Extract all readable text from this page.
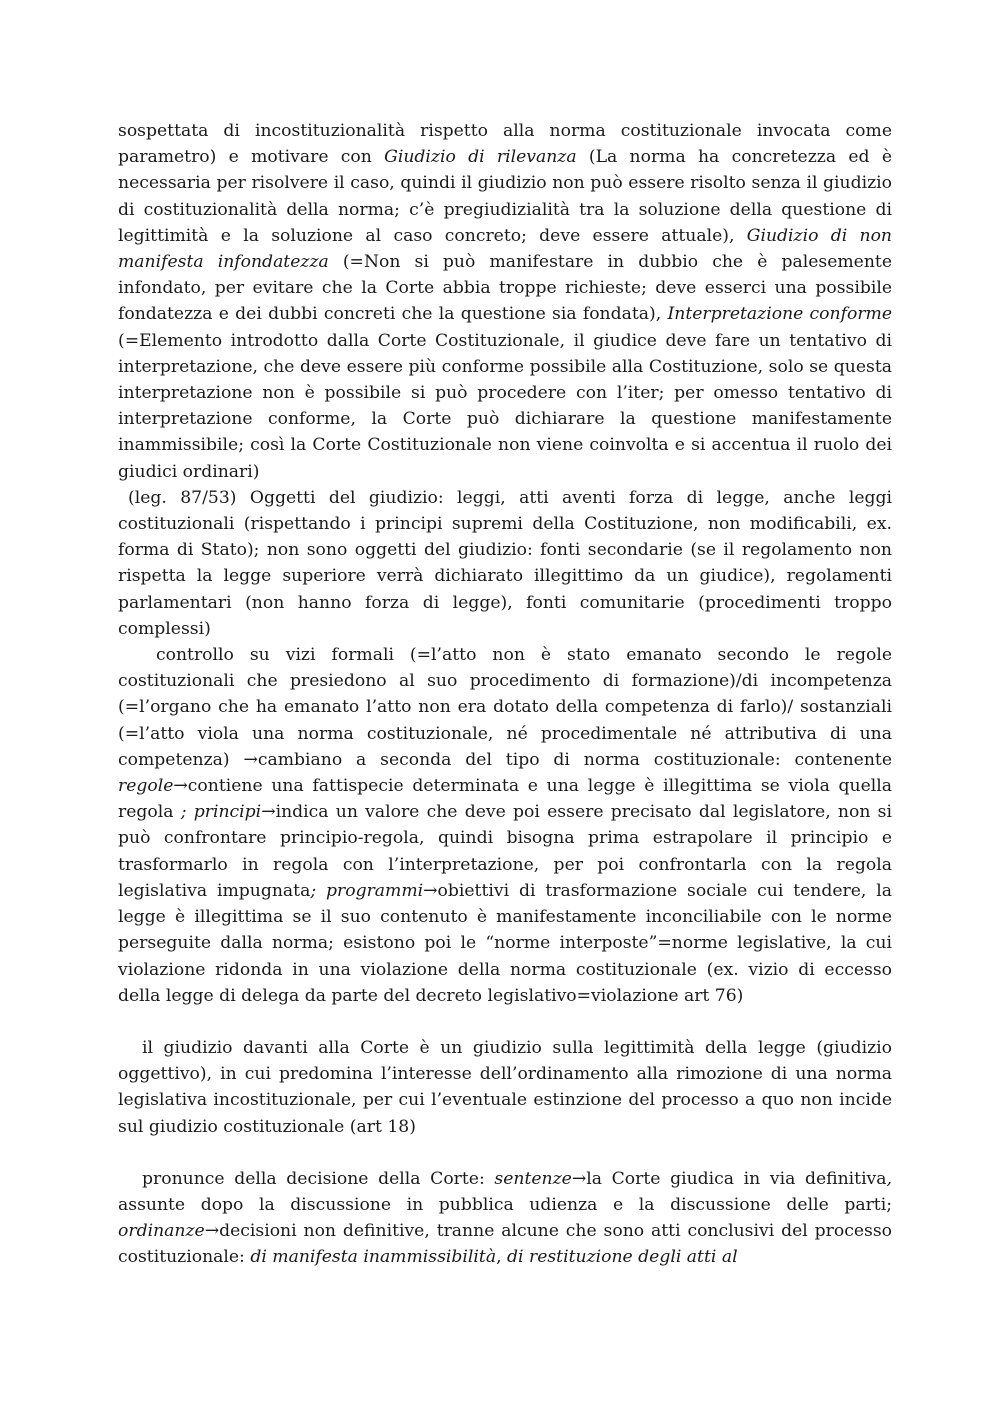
sospettata di incostituzionalità rispetto alla norma costituzionale invocata come parametro) e motivare con Giudizio di rilevanza (La norma ha concretezza ed è necessaria per risolvere il caso, quindi il giudizio non può essere risolto senza il giudizio di costituzionalità della norma; c’è pregiudizialità tra la soluzione della questione di legittimità e la soluzione al caso concreto; deve essere attuale), Giudizio di non manifesta infondatezza (=Non si può manifestare in dubbio che è palesemente infondato, per evitare che la Corte abbia troppe richieste; deve esserci una possibile fondatezza e dei dubbi concreti che la questione sia fondata), Interpretazione conforme (=Elemento introdotto dalla Corte Costituzionale, il giudice deve fare un tentativo di interpretazione, che deve essere più conforme possibile alla Costituzione, solo se questa interpretazione non è possibile si può procedere con l’iter; per omesso tentativo di interpretazione conforme, la Corte può dichiarare la questione manifestamente inammissibile; così la Corte Costituzionale non viene coinvolta e si accentua il ruolo dei giudici ordinari)

(leg. 87/53) Oggetti del giudizio: leggi, atti aventi forza di legge, anche leggi costituzionali (rispettando i principi supremi della Costituzione, non modificabili, ex. forma di Stato); non sono oggetti del giudizio: fonti secondarie (se il regolamento non rispetta la legge superiore verrà dichiarato illegittimo da un giudice), regolamenti parlamentari (non hanno forza di legge), fonti comunitarie (procedimenti troppo complessi)

controllo su vizi formali (=l’atto non è stato emanato secondo le regole costituzionali che presiedono al suo procedimento di formazione)/di incompetenza (=l’organo che ha emanato l’atto non era dotato della competenza di farlo)/ sostanziali (=l’atto viola una norma costituzionale, né procedimentale né attributiva di una competenza) →cambiano a seconda del tipo di norma costituzionale: contenente regole→contiene una fattispecie determinata e una legge è illegittima se viola quella regola ; principi→indica un valore che deve poi essere precisato dal legislatore, non si può confrontare principio-regola, quindi bisogna prima estrapolare il principio e trasformarlo in regola con l’interpretazione, per poi confrontarla con la regola legislativa impugnata; programmi→obiettivi di trasformazione sociale cui tendere, la legge è illegittima se il suo contenuto è manifestamente inconciliabile con le norme perseguite dalla norma; esistono poi le “norme interposte”=norme legislative, la cui violazione ridonda in una violazione della norma costituzionale (ex. vizio di eccesso della legge di delega da parte del decreto legislativo=violazione art 76)

il giudizio davanti alla Corte è un giudizio sulla legittimità della legge (giudizio oggettivo), in cui predomina l’interesse dell’ordinamento alla rimozione di una norma legislativa incostituzionale, per cui l’eventuale estinzione del processo a quo non incide sul giudizio costituzionale (art 18)

pronunce della decisione della Corte: sentenze→la Corte giudica in via definitiva, assunte dopo la discussione in pubblica udienza e la discussione delle parti; ordinanze→decisioni non definitive, tranne alcune che sono atti conclusivi del processo costituzionale: di manifesta inammissibilità, di restituzione degli atti al
